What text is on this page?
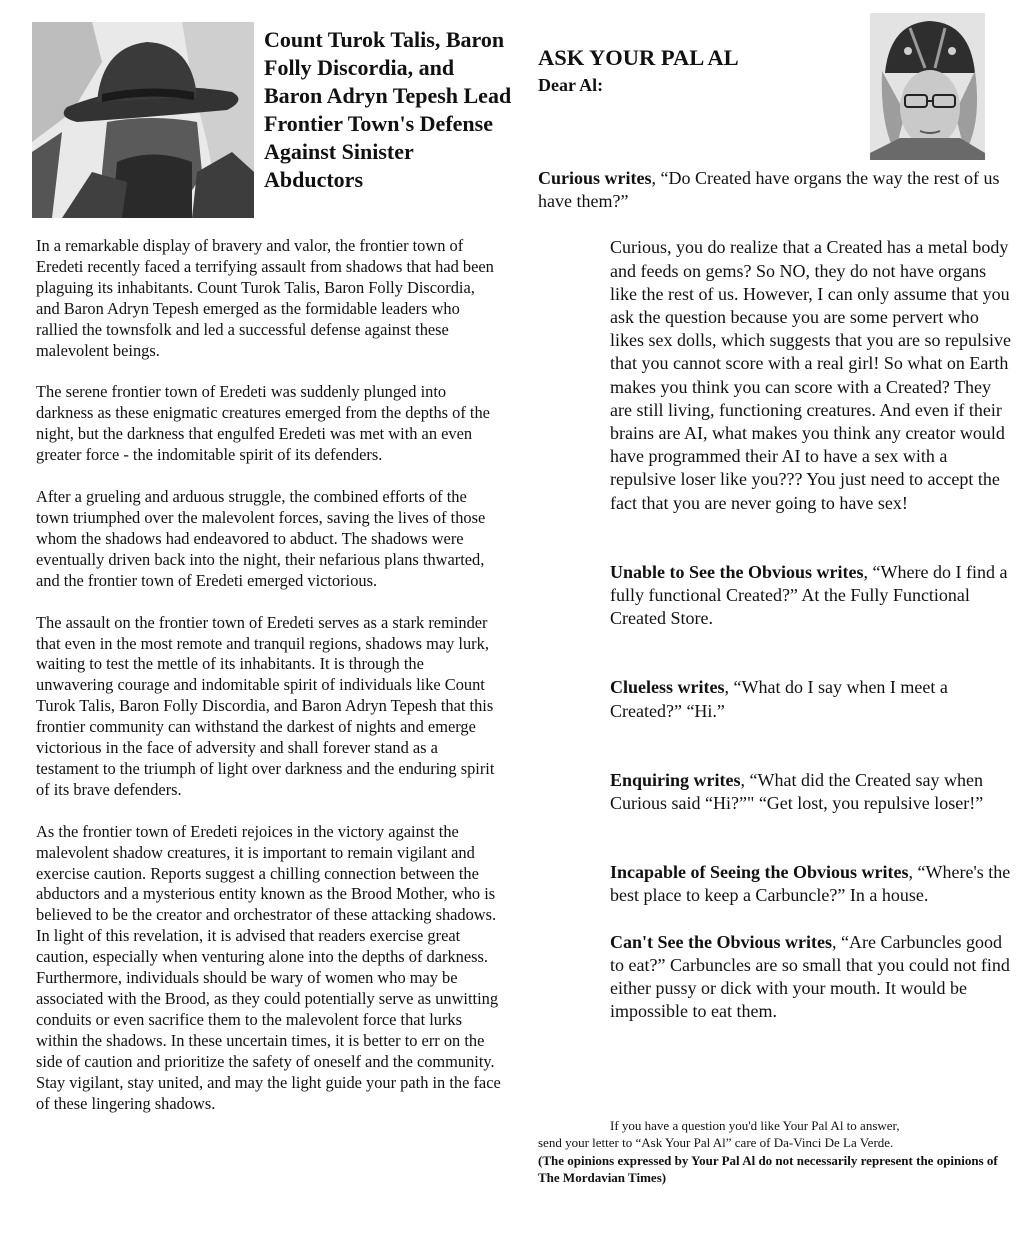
Count Turok Talis, Baron Folly Discordia, and Baron Adryn Tepesh Lead Frontier Town's Defense Against Sinister Abductors

In a remarkable display of bravery and valor, the frontier town of Eredeti recently faced a terrifying assault from shadows that had been plaguing its inhabitants. Count Turok Talis, Baron Folly Discordia, and Baron Adryn Tepesh emerged as the formidable leaders who rallied the townsfolk and led a successful defense against these malevolent beings.

The serene frontier town of Eredeti was suddenly plunged into darkness as these enigmatic creatures emerged from the depths of the night, but the darkness that engulfed Eredeti was met with an even greater force - the indomitable spirit of its defenders.

After a grueling and arduous struggle, the combined efforts of the town triumphed over the malevolent forces, saving the lives of those whom the shadows had endeavored to abduct. The shadows were eventually driven back into the night, their nefarious plans thwarted, and the frontier town of Eredeti emerged victorious.

The assault on the frontier town of Eredeti serves as a stark reminder that even in the most remote and tranquil regions, shadows may lurk, waiting to test the mettle of its inhabitants. It is through the unwavering courage and indomitable spirit of individuals like Count Turok Talis, Baron Folly Discordia, and Baron Adryn Tepesh that this frontier community can withstand the darkest of nights and emerge victorious in the face of adversity and shall forever stand as a testament to the triumph of light over darkness and the enduring spirit of its brave defenders.

As the frontier town of Eredeti rejoices in the victory against the malevolent shadow creatures, it is important to remain vigilant and exercise caution. Reports suggest a chilling connection between the abductors and a mysterious entity known as the Brood Mother, who is believed to be the creator and orchestrator of these attacking shadows. In light of this revelation, it is advised that readers exercise great caution, especially when venturing alone into the depths of darkness. Furthermore, individuals should be wary of women who may be associated with the Brood, as they could potentially serve as unwitting conduits or even sacrifice them to the malevolent force that lurks within the shadows. In these uncertain times, it is better to err on the side of caution and prioritize the safety of oneself and the community. Stay vigilant, stay united, and may the light guide your path in the face of these lingering shadows.

ASK YOUR PAL AL
Dear Al:

Curious writes, “Do Created have organs the way the rest of us have them?”

Curious, you do realize that a Created has a metal body and feeds on gems? So NO, they do not have organs like the rest of us. However, I can only assume that you ask the question because you are some pervert who likes sex dolls, which suggests that you are so repulsive that you cannot score with a real girl! So what on Earth makes you think you can score with a Created? They are still living, functioning creatures. And even if their brains are AI, what makes you think any creator would have programmed their AI to have a sex with a repulsive loser like you??? You just need to accept the fact that you are never going to have sex!

Unable to See the Obvious writes, “Where do I find a fully functional Created?” At the Fully Functional Created Store.

Clueless writes, “What do I say when I meet a Created?” “Hi.”

Enquiring writes, “What did the Created say when Curious said “Hi?”" “Get lost, you repulsive loser!”

Incapable of Seeing the Obvious writes, “Where's the best place to keep a Carbuncle?” In a house.

Can't See the Obvious writes, “Are Carbuncles good to eat?” Carbuncles are so small that you could not find either pussy or dick with your mouth. It would be impossible to eat them.

If you have a question you'd like Your Pal Al to answer,

send your letter to “Ask Your Pal Al” care of Da-Vinci De La Verde.

(The opinions expressed by Your Pal Al do not necessarily represent the opinions of The Mordavian Times)
